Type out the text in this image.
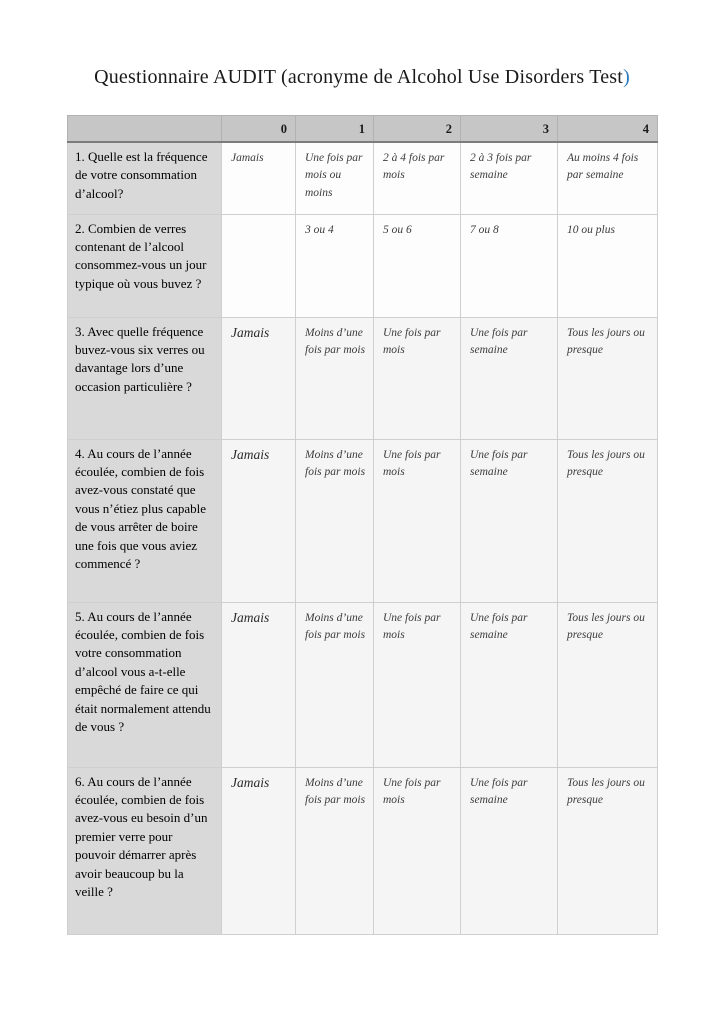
Questionnaire AUDIT (acronyme de Alcohol Use Disorders Test)
	0	1	2	3	4
1. Quelle est la fréquence de votre consommation d’alcool?	Jamais	Une fois par mois ou moins	2 à 4 fois par mois	2 à 3 fois par semaine	Au moins 4 fois par semaine
2. Combien de verres contenant de l’alcool consommez-vous un jour typique où vous buvez ?		3 ou 4	5 ou 6	7 ou 8	10 ou plus
3. Avec quelle fréquence buvez-vous six verres ou davantage lors d’une occasion particulière ?	Jamais	Moins d’une fois par mois	Une fois par mois	Une fois par semaine	Tous les jours ou presque
4. Au cours de l’année écoulée, combien de fois avez-vous constaté que vous n’étiez plus capable de vous arrêter de boire une fois que vous aviez commencé ?	Jamais	Moins d’une fois par mois	Une fois par mois	Une fois par semaine	Tous les jours ou presque
5. Au cours de l’année écoulée, combien de fois votre consommation d’alcool vous a-t-elle empêché de faire ce qui était normalement attendu de vous ?	Jamais	Moins d’une fois par mois	Une fois par mois	Une fois par semaine	Tous les jours ou presque
6. Au cours de l’année écoulée, combien de fois avez-vous eu besoin d’un premier verre pour pouvoir démarrer après avoir beaucoup bu la veille ?	Jamais	Moins d’une fois par mois	Une fois par mois	Une fois par semaine	Tous les jours ou presque
